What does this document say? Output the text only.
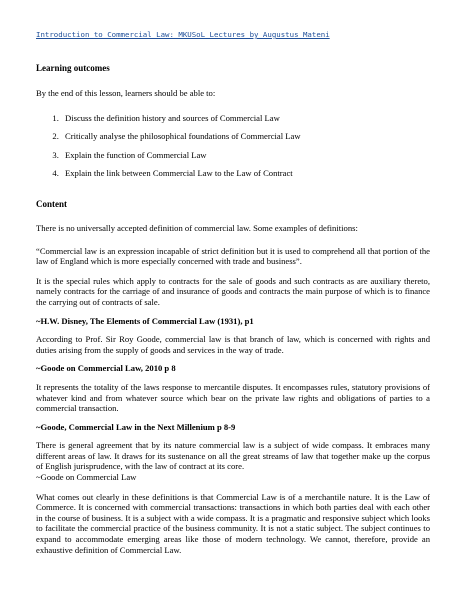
Introduction to Commercial Law: MKUSoL Lectures by Augustus Mateni
Learning outcomes

By the end of this lesson, learners should be able to:

1. Discuss the definition history and sources of Commercial Law
2. Critically analyse the philosophical foundations of Commercial Law
3. Explain the function of Commercial Law
4. Explain the link between Commercial Law to the Law of Contract
Content

There is no universally accepted definition of commercial law. Some examples of definitions:

“Commercial law is an expression incapable of strict definition but it is used to comprehend all that portion of the law of England which is more especially concerned with trade and business”.

It is the special rules which apply to contracts for the sale of goods and such contracts as are auxiliary thereto, namely contracts for the carriage of and insurance of goods and contracts the main purpose of which is to finance the carrying out of contracts of sale.

~H.W. Disney, The Elements of Commercial Law (1931), p1

According to Prof. Sir Roy Goode, commercial law is that branch of law, which is concerned with rights and duties arising from the supply of goods and services in the way of trade.

~Goode on Commercial Law, 2010 p 8

It represents the totality of the laws response to mercantile disputes. It encompasses rules, statutory provisions of whatever kind and from whatever source which bear on the private law rights and obligations of parties to a commercial transaction.

~Goode, Commercial Law in the Next Millenium p 8-9

There is general agreement that by its nature commercial law is a subject of wide compass. It embraces many different areas of law. It draws for its sustenance on all the great streams of law that together make up the corpus of English jurisprudence, with the law of contract at its core.

~Goode on Commercial Law

What comes out clearly in these definitions is that Commercial Law is of a merchantile nature. It is the Law of Commerce. It is concerned with commercial transactions: transactions in which both parties deal with each other in the course of business. It is a subject with a wide compass. It is a pragmatic and responsive subject which looks to facilitate the commercial practice of the business community. It is not a static subject. The subject continues to expand to accommodate emerging areas like those of modern technology. We cannot, therefore, provide an exhaustive definition of Commercial Law.
